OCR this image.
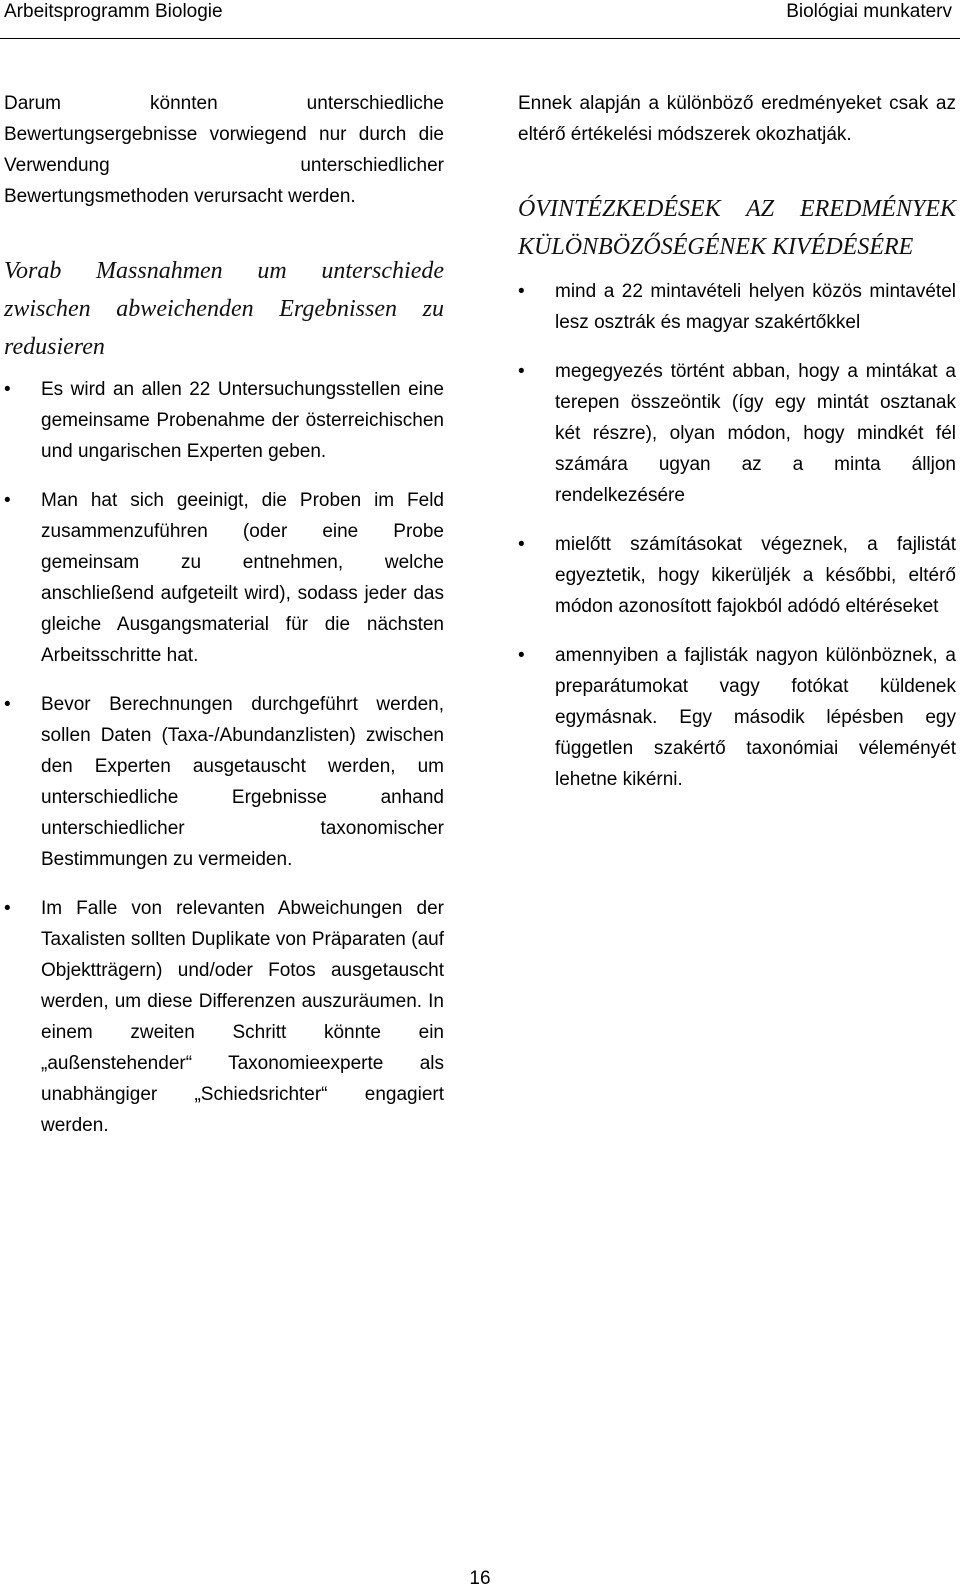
Arbeitsprogramm Biologie	Biológiai munkaterv

Darum könnten unterschiedliche Bewertungsergebnisse vorwiegend nur durch die Verwendung unterschiedlicher Bewertungsmethoden verursacht werden.

Vorab Massnahmen um unterschiede zwischen abweichenden Ergebnissen zu redusieren

• Es wird an allen 22 Untersuchungsstellen eine gemeinsame Probenahme der österreichischen und ungarischen Experten geben.

• Man hat sich geeinigt, die Proben im Feld zusammenzuführen (oder eine Probe gemeinsam zu entnehmen, welche anschließend aufgeteilt wird), sodass jeder das gleiche Ausgangsmaterial für die nächsten Arbeitsschritte hat.

• Bevor Berechnungen durchgeführt werden, sollen Daten (Taxa-/Abundanzlisten) zwischen den Experten ausgetauscht werden, um unterschiedliche Ergebnisse anhand unterschiedlicher taxonomischer Bestimmungen zu vermeiden.

• Im Falle von relevanten Abweichungen der Taxalisten sollten Duplikate von Präparaten (auf Objektträgern) und/oder Fotos ausgetauscht werden, um diese Differenzen auszuräumen. In einem zweiten Schritt könnte ein „außenstehender“ Taxonomieexperte als unabhängiger „Schiedsrichter“ engagiert werden.

Ennek alapján a különböző eredményeket csak az eltérő értékelési módszerek okozhatják.

ÓVINTÉZKEDÉSEK AZ EREDMÉNYEK KÜLÖNBÖZŐSÉGÉNEK KIVÉDÉSÉRE

• mind a 22 mintavételi helyen közös mintavétel lesz osztrák és magyar szakértőkkel

• megegyezés történt abban, hogy a mintákat a terepen összeöntik (így egy mintát osztanak két részre), olyan módon, hogy mindkét fél számára ugyan az a minta álljon rendelkezésére

• mielőtt számításokat végeznek, a fajlistát egyeztetik, hogy kikerüljék a későbbi, eltérő módon azonosított fajokból adódó eltéréseket

• amennyiben a fajlisták nagyon különböznek, a preparátumokat vagy fotókat küldenek egymásnak. Egy második lépésben egy független szakértő taxonómiai véleményét lehetne kikérni.

16
